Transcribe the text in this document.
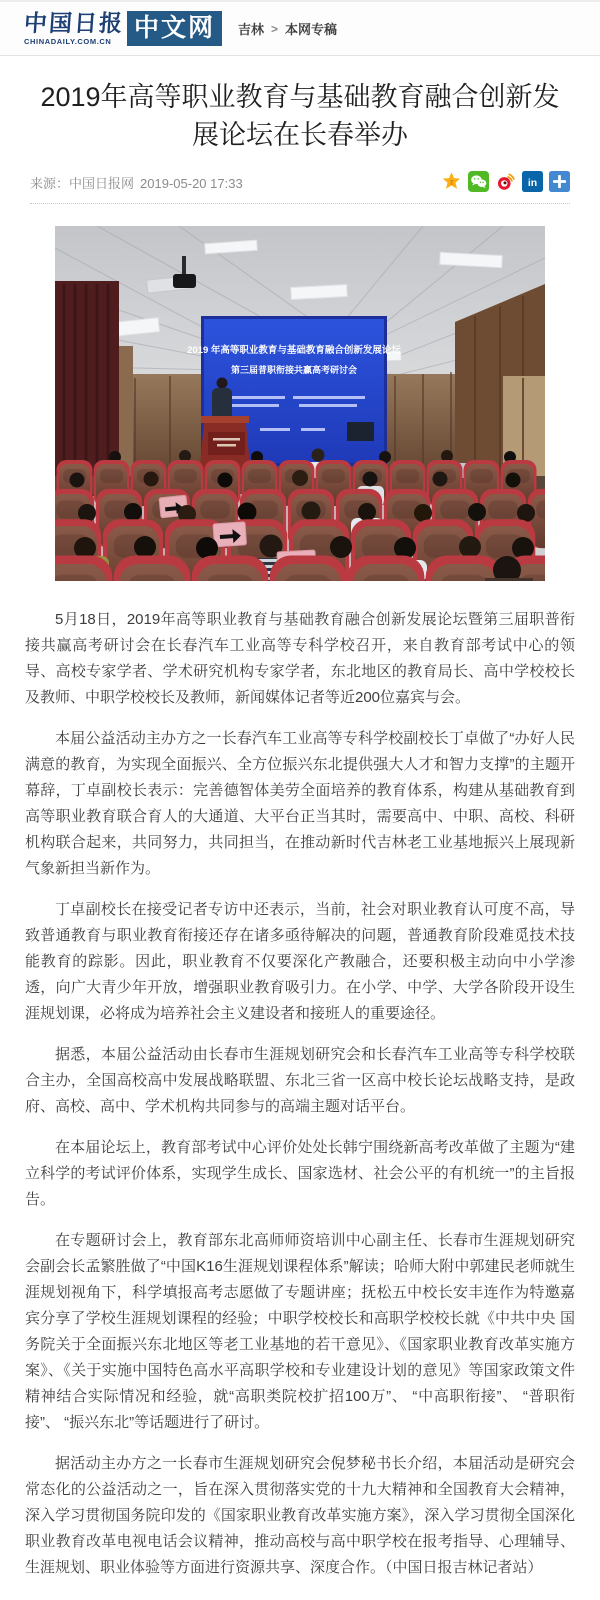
中国日报
CHINADAILY.COM.CN 中文网	吉林 > 本网专稿
2019年高等职业教育与基础教育融合创新发展论坛在长春举办
来源：中国日报网 2019-05-20 17:33	z	in
2019 年高等职业教育与基础教育融合创新发展论坛
第三届普职衔接共赢高考研讨会

5月18日，2019年高等职业教育与基础教育融合创新发展论坛暨第三届职普衔接共赢高考研讨会在长春汽车工业高等专科学校召开，来自教育部考试中心的领导、高校专家学者、学术研究机构专家学者，东北地区的教育局长、高中学校校长及教师、中职学校校长及教师，新闻媒体记者等近200位嘉宾与会。

本届公益活动主办方之一长春汽车工业高等专科学校副校长丁卓做了“办好人民满意的教育，为实现全面振兴、全方位振兴东北提供强大人才和智力支撑”的主题开幕辞，丁卓副校长表示：完善德智体美劳全面培养的教育体系，构建从基础教育到高等职业教育联合育人的大通道、大平台正当其时，需要高中、中职、高校、科研机构联合起来，共同努力，共同担当，在推动新时代吉林老工业基地振兴上展现新气象新担当新作为。

丁卓副校长在接受记者专访中还表示，当前，社会对职业教育认可度不高，导致普通教育与职业教育衔接还存在诸多亟待解决的问题，普通教育阶段难觅技术技能教育的踪影。因此，职业教育不仅要深化产教融合，还要积极主动向中小学渗透，向广大青少年开放，增强职业教育吸引力。在小学、中学、大学各阶段开设生涯规划课，必将成为培养社会主义建设者和接班人的重要途径。

据悉，本届公益活动由长春市生涯规划研究会和长春汽车工业高等专科学校联合主办，全国高校高中发展战略联盟、东北三省一区高中校长论坛战略支持，是政府、高校、高中、学术机构共同参与的高端主题对话平台。

在本届论坛上，教育部考试中心评价处处长韩宁围绕新高考改革做了主题为“建立科学的考试评价体系，实现学生成长、国家选材、社会公平的有机统一”的主旨报告。

在专题研讨会上，教育部东北高师师资培训中心副主任、长春市生涯规划研究会副会长孟繁胜做了“中国K16生涯规划课程体系”解读；哈师大附中郭建民老师就生涯规划视角下，科学填报高考志愿做了专题讲座；抚松五中校长安丰连作为特邀嘉宾分享了学校生涯规划课程的经验；中职学校校长和高职学校校长就《中共中央 国务院关于全面振兴东北地区等老工业基地的若干意见》、《国家职业教育改革实施方案》、《关于实施中国特色高水平高职学校和专业建设计划的意见》等国家政策文件精神结合实际情况和经验，就“高职类院校扩招100万”、 “中高职衔接”、 “普职衔接”、 “振兴东北”等话题进行了研讨。

据活动主办方之一长春市生涯规划研究会倪梦秘书长介绍，本届活动是研究会常态化的公益活动之一，旨在深入贯彻落实党的十九大精神和全国教育大会精神，深入学习贯彻国务院印发的《国家职业教育改革实施方案》，深入学习贯彻全国深化职业教育改革电视电话会议精神，推动高校与高中职学校在报考指导、心理辅导、生涯规划、职业体验等方面进行资源共享、深度合作。（中国日报吉林记者站）
